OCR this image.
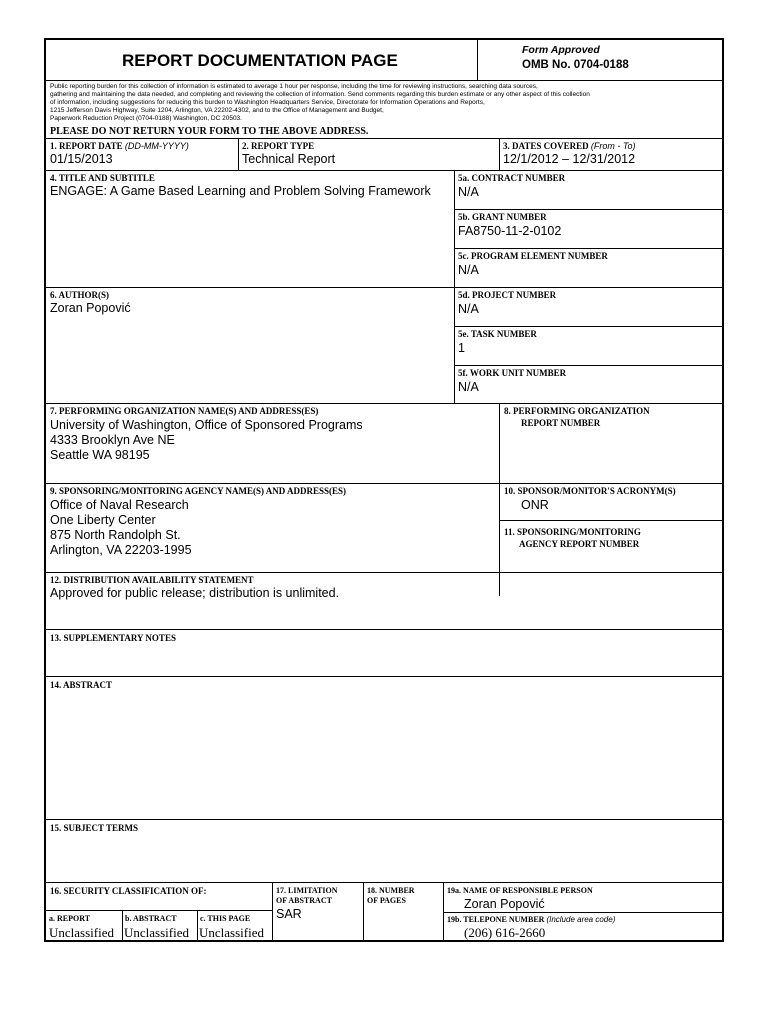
REPORT DOCUMENTATION PAGE
Form Approved
OMB No. 0704-0188
Public reporting burden for this collection of information is estimated to average 1 hour per response, including the time for reviewing instructions, searching data sources,
gathering and maintaining the data needed, and completing and reviewing the collection of information. Send comments regarding this burden estimate or any other aspect of this collection
of information, including suggestions for reducing this burden to Washington Headquarters Service, Directorate for Information Operations and Reports,
1215 Jefferson Davis Highway, Suite 1204, Arlington, VA 22202-4302, and to the Office of Management and Budget,
Paperwork Reduction Project (0704-0188) Washington, DC 20503.
PLEASE DO NOT RETURN YOUR FORM TO THE ABOVE ADDRESS.
1. REPORT DATE (DD-MM-YYYY)
01/15/2013
2. REPORT TYPE
Technical Report
3. DATES COVERED (From - To)
12/1/2012 – 12/31/2012
4. TITLE AND SUBTITLE
ENGAGE: A Game Based Learning and Problem Solving Framework
5a. CONTRACT NUMBER
N/A
5b. GRANT NUMBER
FA8750-11-2-0102
5c. PROGRAM ELEMENT NUMBER
N/A
6. AUTHOR(S)
Zoran Popović
5d. PROJECT NUMBER
N/A
5e. TASK NUMBER
1
5f. WORK UNIT NUMBER
N/A
7. PERFORMING ORGANIZATION NAME(S) AND ADDRESS(ES)
University of Washington, Office of Sponsored Programs
4333 Brooklyn Ave NE
Seattle WA 98195
8. PERFORMING ORGANIZATION
REPORT NUMBER
9. SPONSORING/MONITORING AGENCY NAME(S) AND ADDRESS(ES)
Office of Naval Research
One Liberty Center
875 North Randolph St.
Arlington, VA 22203-1995
10. SPONSOR/MONITOR'S ACRONYM(S)
ONR
11. SPONSORING/MONITORING
AGENCY REPORT NUMBER
12. DISTRIBUTION AVAILABILITY STATEMENT
Approved for public release; distribution is unlimited.
13. SUPPLEMENTARY NOTES
14. ABSTRACT
15. SUBJECT TERMS
16. SECURITY CLASSIFICATION OF:
a. REPORT
Unclassified
b. ABSTRACT
Unclassified
c. THIS PAGE
Unclassified
17. LIMITATION
OF ABSTRACT
SAR
18. NUMBER
OF PAGES
19a. NAME OF RESPONSIBLE PERSON
Zoran Popović
19b. TELEPONE NUMBER (Include area code)
(206) 616-2660
